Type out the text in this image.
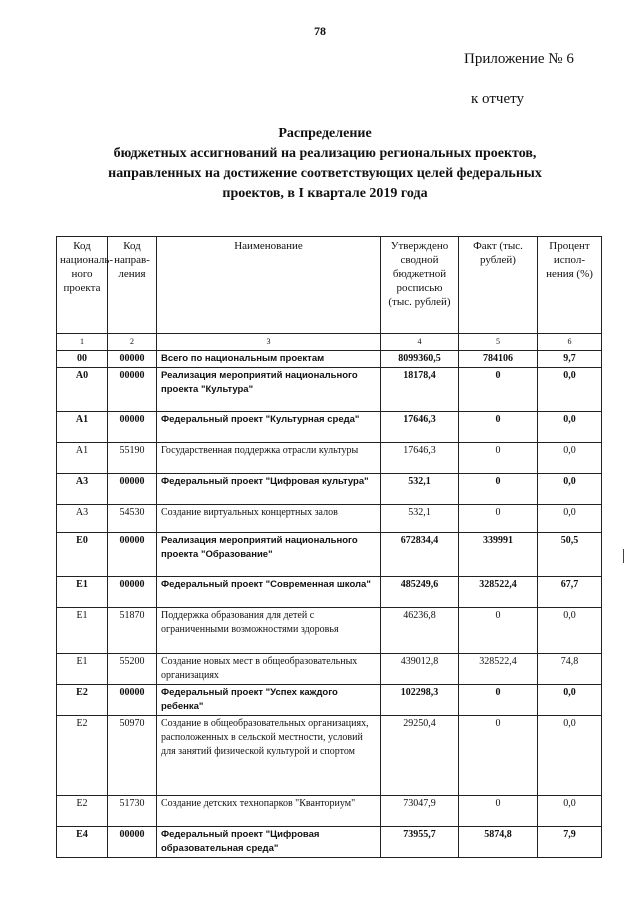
78
Приложение № 6
к отчету
Распределение
бюджетных ассигнований на реализацию региональных проектов,
направленных на достижение соответствующих целей федеральных
проектов, в I квартале 2019 года
Код националь-ного проекта	Код направ-ления	Наименование	Утверждено сводной бюджетной росписью (тыс. рублей)	Факт (тыс. рублей)	Процент испол-нения (%)
1	2	3	4	5	6
00	00000	Всего по национальным проектам	8099360,5	784106	9,7
А0	00000	Реализация мероприятий национального проекта "Культура"	18178,4	0	0,0
А1	00000	Федеральный проект "Культурная среда"	17646,3	0	0,0
А1	55190	Государственная поддержка отрасли культуры	17646,3	0	0,0
А3	00000	Федеральный проект "Цифровая культура"	532,1	0	0,0
А3	54530	Создание виртуальных концертных залов	532,1	0	0,0
Е0	00000	Реализация мероприятий национального проекта "Образование"	672834,4	339991	50,5
Е1	00000	Федеральный проект "Современная школа"	485249,6	328522,4	67,7
Е1	51870	Поддержка образования для детей с ограниченными возможностями здоровья	46236,8	0	0,0
Е1	55200	Создание новых мест в общеобразовательных организациях	439012,8	328522,4	74,8
Е2	00000	Федеральный проект "Успех каждого ребенка"	102298,3	0	0,0
Е2	50970	Создание в общеобразовательных организациях, расположенных в сельской местности, условий для занятий физической культурой и спортом	29250,4	0	0,0
Е2	51730	Создание детских технопарков "Кванториум"	73047,9	0	0,0
Е4	00000	Федеральный проект "Цифровая образовательная среда"	73955,7	5874,8	7,9
